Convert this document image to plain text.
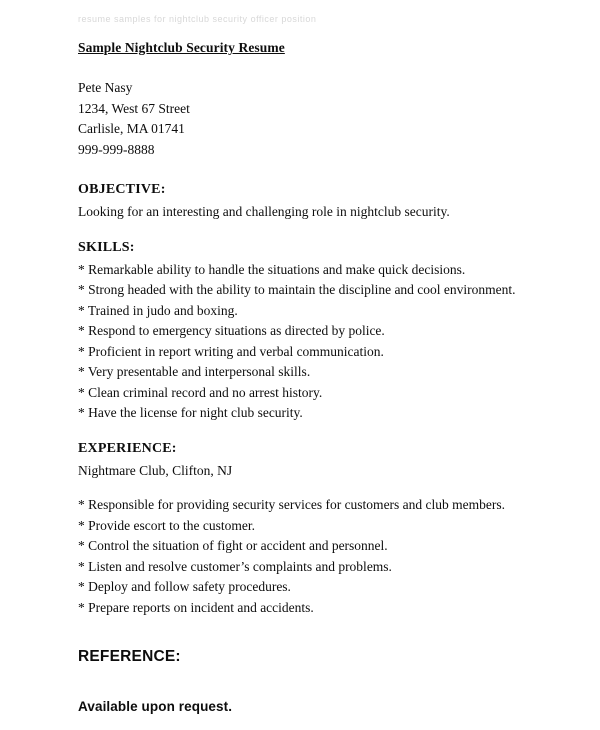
resume samples for nightclub security officer position
Sample Nightclub Security Resume
Pete Nasy
1234, West 67 Street
Carlisle, MA 01741
999-999-8888
OBJECTIVE:
Looking for an interesting and challenging role in nightclub security.
SKILLS:
* Remarkable ability to handle the situations and make quick decisions.
* Strong headed with the ability to maintain the discipline and cool environment.
* Trained in judo and boxing.
* Respond to emergency situations as directed by police.
* Proficient in report writing and verbal communication.
* Very presentable and interpersonal skills.
* Clean criminal record and no arrest history.
* Have the license for night club security.
EXPERIENCE:
Nightmare Club, Clifton, NJ
* Responsible for providing security services for customers and club members.
* Provide escort to the customer.
* Control the situation of fight or accident and personnel.
* Listen and resolve customer’s complaints and problems.
* Deploy and follow safety procedures.
* Prepare reports on incident and accidents.
REFERENCE:
Available upon request.
